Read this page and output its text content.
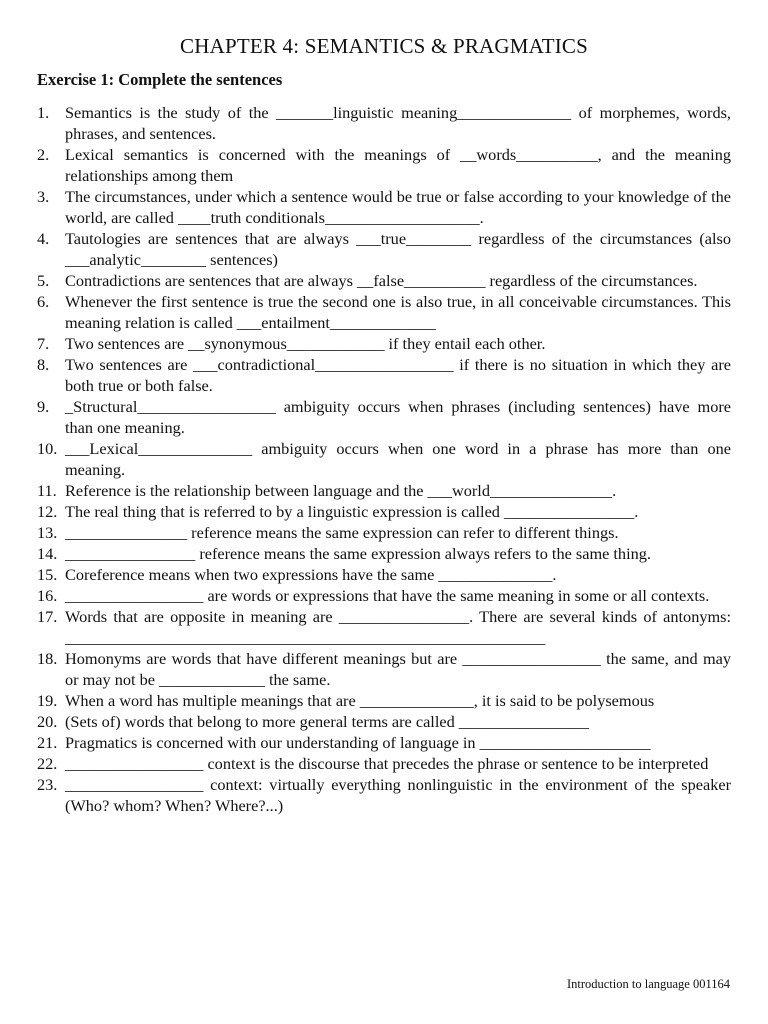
CHAPTER 4: SEMANTICS & PRAGMATICS
Exercise 1: Complete the sentences
1. Semantics is the study of the _______linguistic meaning______________ of morphemes, words, phrases, and sentences.
2. Lexical semantics is concerned with the meanings of __words__________, and the meaning relationships among them
3. The circumstances, under which a sentence would be true or false according to your knowledge of the world, are called ____truth conditionals___________________.
4. Tautologies are sentences that are always ___true________ regardless of the circumstances (also ___analytic________ sentences)
5. Contradictions are sentences that are always __false__________ regardless of the circumstances.
6. Whenever the first sentence is true the second one is also true, in all conceivable circumstances. This meaning relation is called ___entailment_____________
7. Two sentences are __synonymous____________ if they entail each other.
8. Two sentences are ___contradictional_________________ if there is no situation in which they are both true or both false.
9. _Structural_________________ ambiguity occurs when phrases (including sentences) have more than one meaning.
10. ___Lexical______________ ambiguity occurs when one word in a phrase has more than one meaning.
11. Reference is the relationship between language and the ___world_______________.
12. The real thing that is referred to by a linguistic expression is called ________________.
13. _______________ reference means the same expression can refer to different things.
14. ________________ reference means the same expression always refers to the same thing.
15. Coreference means when two expressions have the same ______________.
16. _________________ are words or expressions that have the same meaning in some or all contexts.
17. Words that are opposite in meaning are ________________. There are several kinds of antonyms: ___________________________________________________________
18. Homonyms are words that have different meanings but are _________________ the same, and may or may not be _____________ the same.
19. When a word has multiple meanings that are ______________, it is said to be polysemous
20. (Sets of) words that belong to more general terms are called ________________
21. Pragmatics is concerned with our understanding of language in _____________________
22. _________________ context is the discourse that precedes the phrase or sentence to be interpreted
23. _________________ context: virtually everything nonlinguistic in the environment of the speaker (Who? whom? When? Where?...)
Introduction to language 001164
